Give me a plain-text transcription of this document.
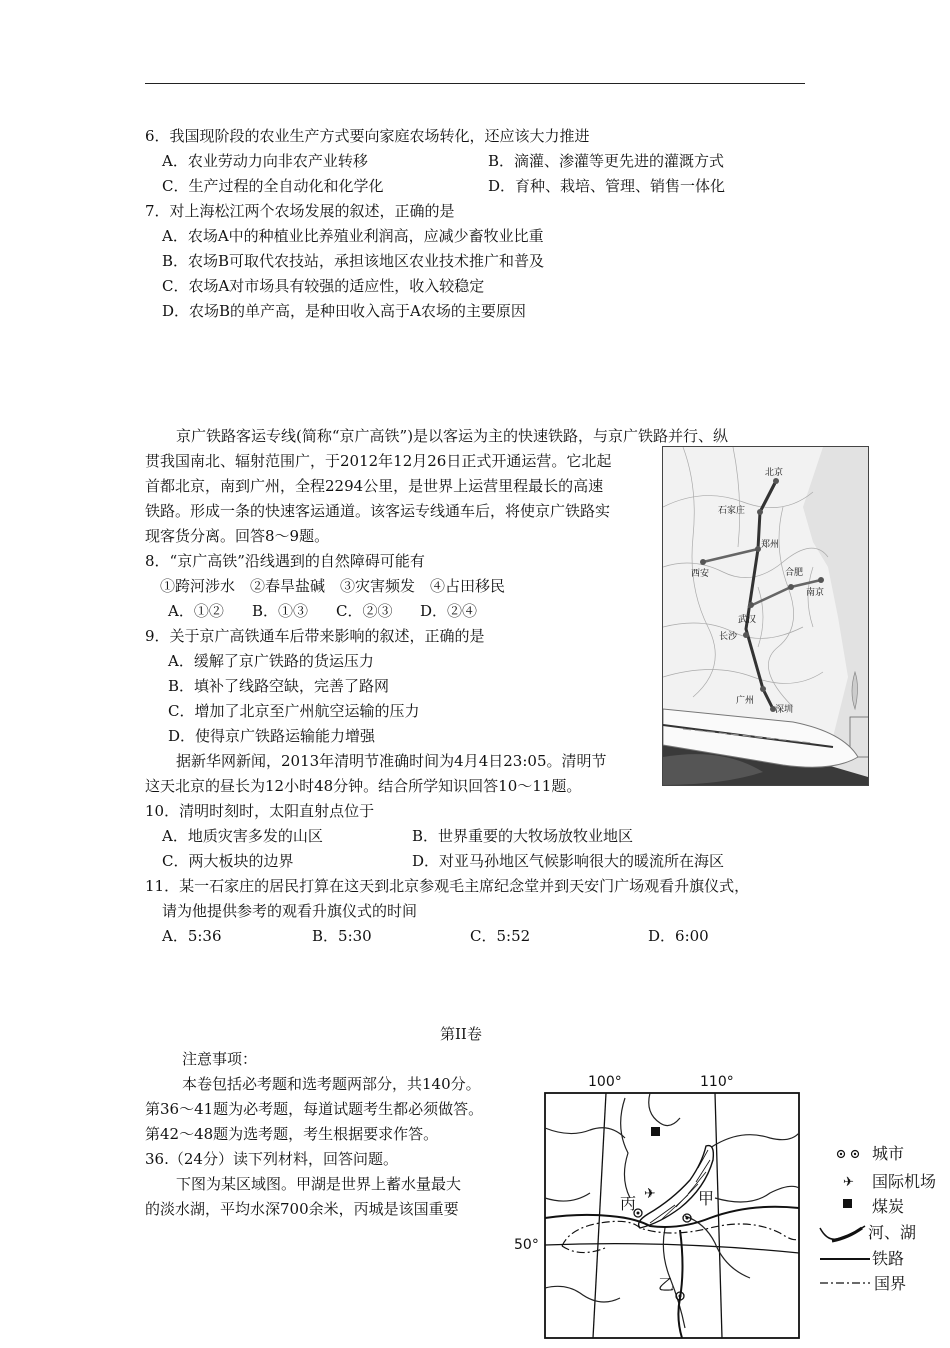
6．我国现阶段的农业生产方式要向家庭农场转化，还应该大力推进
A．农业劳动力向非农产业转移	B．滴灌、渗灌等更先进的灌溉方式
C．生产过程的全自动化和化学化	D．育种、栽培、管理、销售一体化
7．对上海松江两个农场发展的叙述，正确的是
A．农场A中的种植业比养殖业利润高，应减少畜牧业比重
B．农场B可取代农技站，承担该地区农业技术推广和普及
C．农场A对市场具有较强的适应性，收入较稳定
D．农场B的单产高，是种田收入高于A农场的主要原因
京广铁路客运专线(简称“京广高铁”)是以客运为主的快速铁路，与京广铁路并行、纵
贯我国南北、辐射范围广，于2012年12月26日正式开通运营。它北起
首都北京，南到广州，全程2294公里，是世界上运营里程最长的高速
铁路。形成一条的快速客运通道。该客运专线通车后，将使京广铁路实
现客货分离。回答8～9题。
8．“京广高铁”沿线遇到的自然障碍可能有
①跨河涉水　②春旱盐碱　③灾害频发　④占田移民
A．①② B．①③ C．②③ D．②④
9．关于京广高铁通车后带来影响的叙述，正确的是
A．缓解了京广铁路的货运压力
B．填补了线路空缺，完善了路网
C．增加了北京至广州航空运输的压力
D．使得京广铁路运输能力增强
据新华网新闻，2013年清明节准确时间为4月4日23:05。清明节
这天北京的昼长为12小时48分钟。结合所学知识回答10～11题。
10．清明时刻时，太阳直射点位于
A．地质灾害多发的山区	B．世界重要的大牧场放牧业地区
C．两大板块的边界	D．对亚马孙地区气候影响很大的暖流所在海区
11．某一石家庄的居民打算在这天到北京参观毛主席纪念堂并到天安门广场观看升旗仪式，
请为他提供参考的观看升旗仪式的时间
A．5:36	B．5:30	C．5:52	D．6:00
第II卷
注意事项：
本卷包括必考题和选考题两部分，共140分。
第36～41题为必考题，每道试题考生都必须做答。
第42～48题为选考题，考生根据要求作答。
36.（24分）读下列材料，回答问题。
下图为某区域图。甲湖是世界上蓄水量最大
的淡水湖，平均水深700余米，丙城是该国重要
北京
石家庄
郑州
西安	合肥
南京
武汉
长沙
广州
深圳
100°	110°
50°
✈
丙	甲
乙
✈
城市
国际机场
煤炭
河、湖
铁路
国界
